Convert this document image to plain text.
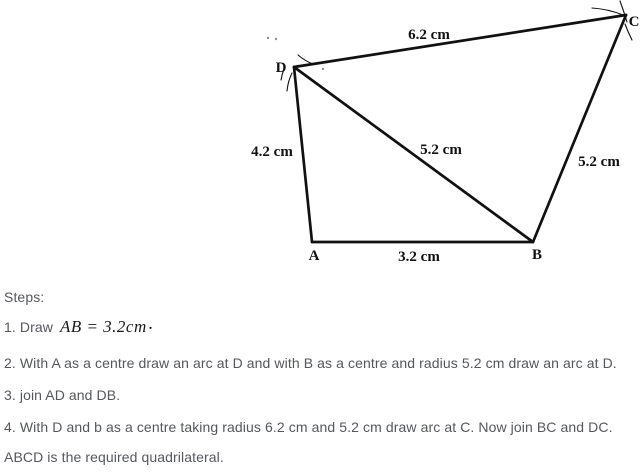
A	B
C
D
6.2 cm
4.2 cm	5.2 cm
5.2 cm
3.2 cm
Steps:
1. Draw AB = 3.2cm .
2. With A as a centre draw an arc at D and with B as a centre and radius 5.2 cm draw an arc at D.
3. join AD and DB.
4. With D and b as a centre taking radius 6.2 cm and 5.2 cm draw arc at C. Now join BC and DC.
ABCD is the required quadrilateral.
